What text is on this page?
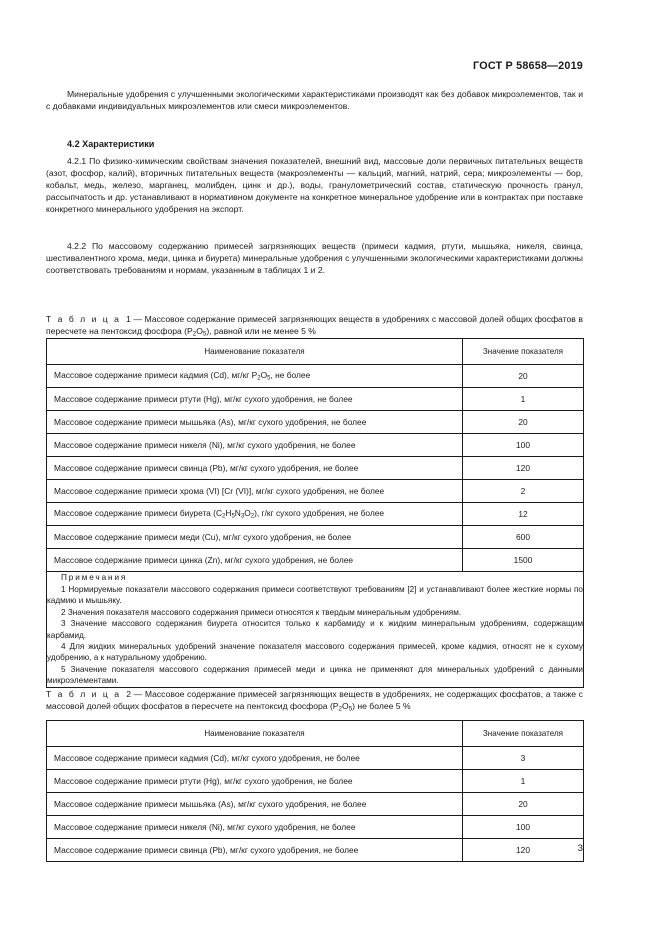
ГОСТ Р 58658—2019
Минеральные удобрения с улучшенными экологическими характеристиками производят как без добавок микроэлементов, так и с добавками индивидуальных микроэлементов или смеси микроэлементов.
4.2 Характеристики
4.2.1 По физико-химическим свойствам значения показателей, внешний вид, массовые доли первичных питательных веществ (азот, фосфор, калий), вторичных питательных веществ (макроэлементы — кальций, магний, натрий, сера; микроэлементы — бор, кобальт, медь, железо, марганец, молибден, цинк и др.), воды, гранулометрический состав, статическую прочность гранул, рассыпчатость и др. устанавливают в нормативном документе на конкретное минеральное удобрение или в контрактах при поставке конкретного минерального удобрения на экспорт.
4.2.2 По массовому содержанию примесей загрязняющих веществ (примеси кадмия, ртути, мышьяка, никеля, свинца, шестивалентного хрома, меди, цинка и биурета) минеральные удобрения с улучшенными экологическими характеристиками должны соответствовать требованиям и нормам, указанным в таблицах 1 и 2.
Т а б л и ц а 1 — Массовое содержание примесей загрязняющих веществ в удобрениях с массовой долей общих фосфатов в пересчете на пентоксид фосфора $(P_2O_5)$, равной или не менее 5 %
Наименование показателя	Значение показателя
Массовое содержание примеси кадмия (Cd), мг/кг $P_2O_5$, не более	20
Массовое содержание примеси ртути (Hg), мг/кг сухого удобрения, не более	1
Массовое содержание примеси мышьяка (As), мг/кг сухого удобрения, не более	20
Массовое содержание примеси никеля (Ni), мг/кг сухого удобрения, не более	100
Массовое содержание примеси свинца (Pb), мг/кг сухого удобрения, не более	120
Массовое содержание примеси хрома (VI) [Cr (VI)], мг/кг сухого удобрения, не более	2
Массовое содержание примеси биурета $(C_2H_5N_3O_2)$, г/кг сухого удобрения, не более	12
Массовое содержание примеси меди (Cu), мг/кг сухого удобрения, не более	600
Массовое содержание примеси цинка (Zn), мг/кг сухого удобрения, не более	1500

Примечания
1 Нормируемые показатели массового содержания примеси соответствуют требованиям [2] и устанавливают более жесткие нормы по кадмию и мышьяку.
2 Значения показателя массового содержания примеси относятся к твердым минеральным удобрениям.
3 Значение массового содержания биурета относится только к карбамиду и к жидким минеральным удобрениям, содержащим карбамид.
4 Для жидких минеральных удобрений значение показателя массового содержания примесей, кроме кадмия, относят не к сухому удобрению, а к натуральному удобрению.
5 Значение показателя массового содержания примесей меди и цинка не применяют для минеральных удобрений с данными микроэлементами.
Т а б л и ц а 2 — Массовое содержание примесей загрязняющих веществ в удобрениях, не содержащих фосфатов, а также с массовой долей общих фосфатов в пересчете на пентоксид фосфора $(P_2O_5)$ не более 5 %
Наименование показателя	Значение показателя
Массовое содержание примеси кадмия (Cd), мг/кг сухого удобрения, не более	3
Массовое содержание примеси ртути (Hg), мг/кг сухого удобрения, не более	1
Массовое содержание примеси мышьяка (As), мг/кг сухого удобрения, не более	20
Массовое содержание примеси никеля (Ni), мг/кг сухого удобрения, не более	100
Массовое содержание примеси свинца (Pb), мг/кг сухого удобрения, не более	120	3
